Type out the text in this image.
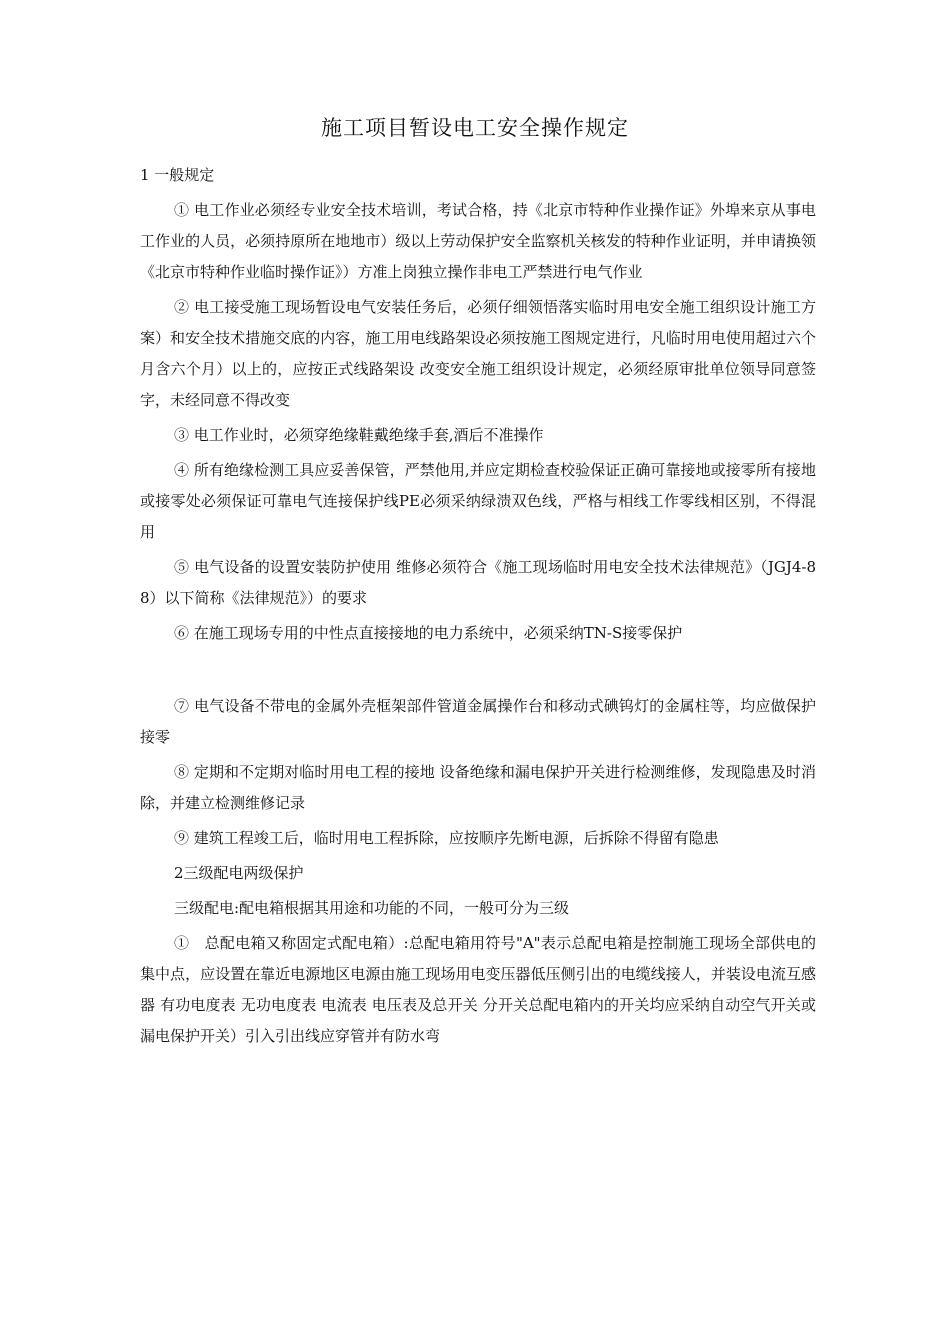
施工项目暂设电工安全操作规定

1 一般规定

① 电工作业必须经专业安全技术培训，考试合格，持《北京市特种作业操作证》外埠来京从事电工作业的人员，必须持原所在地地市）级以上劳动保护安全监察机关核发的特种作业证明，并申请换领《北京市特种作业临时操作证》）方准上岗独立操作非电工严禁进行电气作业

② 电工接受施工现场暂设电气安装任务后，必须仔细领悟落实临时用电安全施工组织设计施工方案）和安全技术措施交底的内容，施工用电线路架设必须按施工图规定进行，凡临时用电使用超过六个月含六个月）以上的，应按正式线路架设 改变安全施工组织设计规定，必须经原审批单位领导同意签字，未经同意不得改变

③ 电工作业时，必须穿绝缘鞋戴绝缘手套,酒后不准操作

④ 所有绝缘检测工具应妥善保管，严禁他用,并应定期检查校验保证正确可靠接地或接零所有接地或接零处必须保证可靠电气连接保护线PE必须采纳绿溃双色线，严格与相线工作零线相区别，不得混用

⑤ 电气设备的设置安装防护使用 维修必须符合《施工现场临时用电安全技术法律规范》（JGJ4-88）以下简称《法律规范》）的要求

⑥ 在施工现场专用的中性点直接接地的电力系统中，必须采纳TN-S接零保护

⑦ 电气设备不带电的金属外壳框架部件管道金属操作台和移动式碘钨灯的金属柱等，均应做保护接零

⑧ 定期和不定期对临时用电工程的接地 设备绝缘和漏电保护开关进行检测维修，发现隐患及时消除，并建立检测维修记录

⑨ 建筑工程竣工后，临时用电工程拆除，应按顺序先断电源，后拆除不得留有隐患

2三级配电两级保护

三级配电:配电箱根据其用途和功能的不同，一般可分为三级

①　总配电箱又称固定式配电箱）:总配电箱用符号"A"表示总配电箱是控制施工现场全部供电的集中点，应设置在靠近电源地区电源由施工现场用电变压器低压侧引出的电缆线接人，并装设电流互感器 有功电度表 无功电度表 电流表 电压表及总开关 分开关总配电箱内的开关均应采纳自动空气开关或漏电保护开关）引入引出线应穿管并有防水弯
